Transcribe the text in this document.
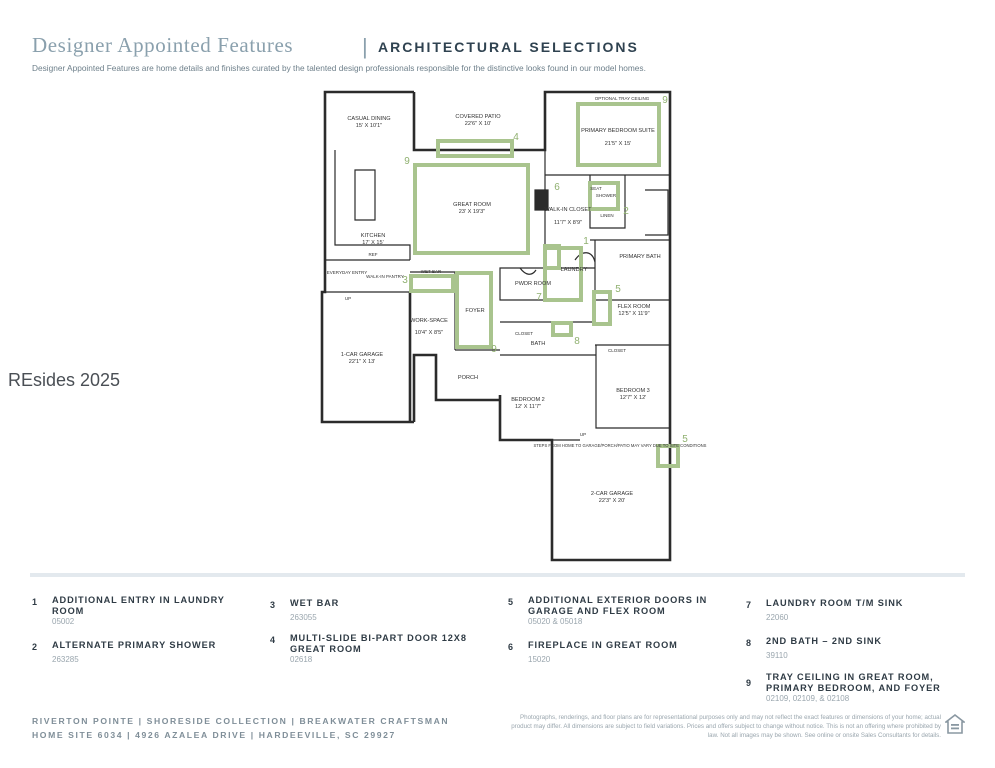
Designer Appointed Features	| ARCHITECTURAL SELECTIONS
Designer Appointed Features are home details and finishes curated by the talented design professionals responsible for the distinctive looks found in our model homes.
CASUAL DINING
15' X 10'1"
COVERED PATIO
22'6" X 10'
OPTIONAL TRAY CEILING
PRIMARY BEDROOM SUITE
21'5" X 15'
GREAT ROOM
23' X 19'3"
KITCHEN
17' X 15'
WALK-IN CLOSET
11'7" X 8'9"
SEAT
SHOWER
LINEN
PRIMARY BATH
LAUNDRY
PWDR ROOM
EVERYDAY ENTRY
WALK-IN PANTRY
WET BAR
REF
FOYER
WORK-SPACE
10'4" X 8'5"
FLEX ROOM
12'5" X 11'9"
BATH
CLOSET
CLOSET
1-CAR GARAGE
22'1" X 13'
PORCH
BEDROOM 2
12' X 11'7"
BEDROOM 3
12'7" X 12'
STEPS FROM HOME TO GARAGE/PORCH/PATIO MAY VARY DUE TO SITE CONDITIONS
2-CAR GARAGE
22'3" X 20'
UP
UP
9
4
6
9
2
1
3
7
5
9
8
5
REsides 2025
1 ADDITIONAL ENTRY IN LAUNDRY ROOM
05002
2 ALTERNATE PRIMARY SHOWER
263285
3 WET BAR
263055
4 MULTI-SLIDE BI-PART DOOR 12X8 GREAT ROOM
02618
5 ADDITIONAL EXTERIOR DOORS IN GARAGE AND FLEX ROOM
05020 & 05018
6 FIREPLACE IN GREAT ROOM
15020
7 LAUNDRY ROOM T/M SINK
22060
8 2ND BATH – 2ND SINK
39110
9
TRAY CEILING IN GREAT ROOM, PRIMARY BEDROOM, AND FOYER
02109, 02109, & 02108
RIVERTON POINTE | SHORESIDE COLLECTION | BREAKWATER CRAFTSMAN
HOME SITE 6034 | 4926 AZALEA DRIVE | HARDEEVILLE, SC 29927
Photographs, renderings, and floor plans are for representational purposes only and may not reflect the exact features or dimensions of your home; actual product may differ. All dimensions are subject to field variations. Prices and offers subject to change without notice. This is not an offering where prohibited by law. Not all images may be shown. See online or onsite Sales Consultants for details.
